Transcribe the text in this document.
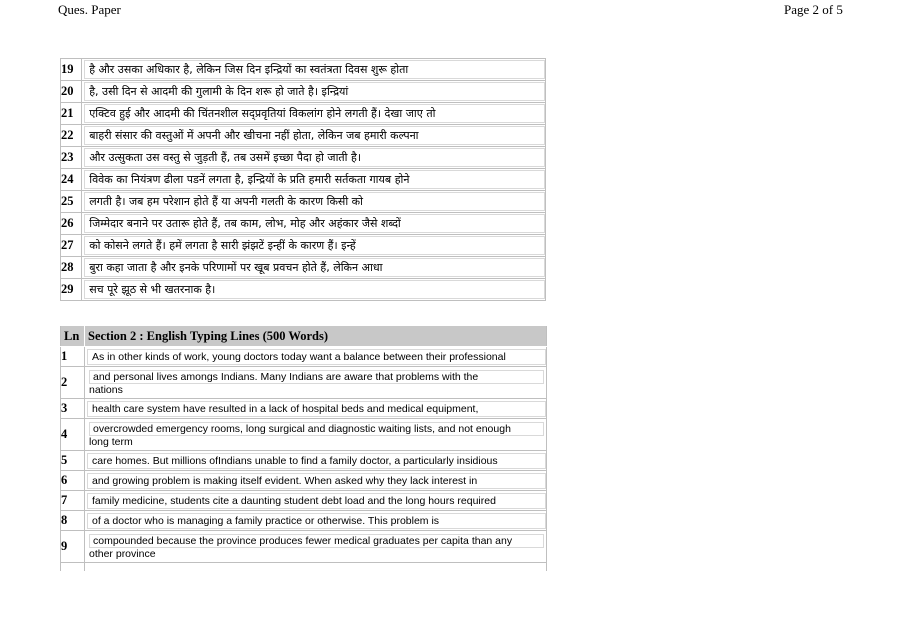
Ques. Paper	Page 2 of 5
19	है और उसका अधिकार है, लेकिन जिस दिन इन्द्रियों का स्वतंत्रता दिवस शुरू होता

20	है, उसी दिन से आदमी की गुलामी के दिन शरू हो जाते है। इन्द्रियां

21	एक्टिव हुई और आदमी की चिंतनशील सद्प्रवृतियां विकलांग होने लगती हैं। देखा जाए तो

22	बाहरी संसार की वस्तुओं में अपनी और खीचना नहीं होता, लेकिन जब हमारी कल्पना

23	और उत्सुकता उस वस्तु से जुड़ती हैं, तब उसमें इच्छा पैदा हो जाती है।

24	विवेक का नियंत्रण ढीला पडनें लगता है, इन्द्रियों के प्रति हमारी सर्तकता गायब होने

25	लगती है। जब हम परेशान होते हैं या अपनी गलती के कारण किसी को

26	जिम्मेदार बनाने पर उतारू होते हैं, तब काम, लोभ, मोह और अहंकार जैसे शब्दों

27	को कोसने लगते हैं। हमें लगता है सारी झंझटें इन्हीं के कारण हैं। इन्हें

28	बुरा कहा जाता है और इनके परिणामों पर खूब प्रवचन होते हैं, लेकिन आधा

29	सच पूरे झूठ से भी खतरनाक है।
Ln	Section 2 : English Typing Lines (500 Words)
1	As in other kinds of work, young doctors today want a balance between their professional

2	and personal lives amongs Indians. Many Indians are aware that problems with the
nations

3	health care system have resulted in a lack of hospital beds and medical equipment,

4	overcrowded emergency rooms, long surgical and diagnostic waiting lists, and not enough
long term

5	care homes. But millions ofIndians unable to find a family doctor, a particularly insidious

6	and growing problem is making itself evident. When asked why they lack interest in

7	family medicine, students cite a daunting student debt load and the long hours required

8	of a doctor who is managing a family practice or otherwise. This problem is

9	compounded because the province produces fewer medical graduates per capita than any
other province
